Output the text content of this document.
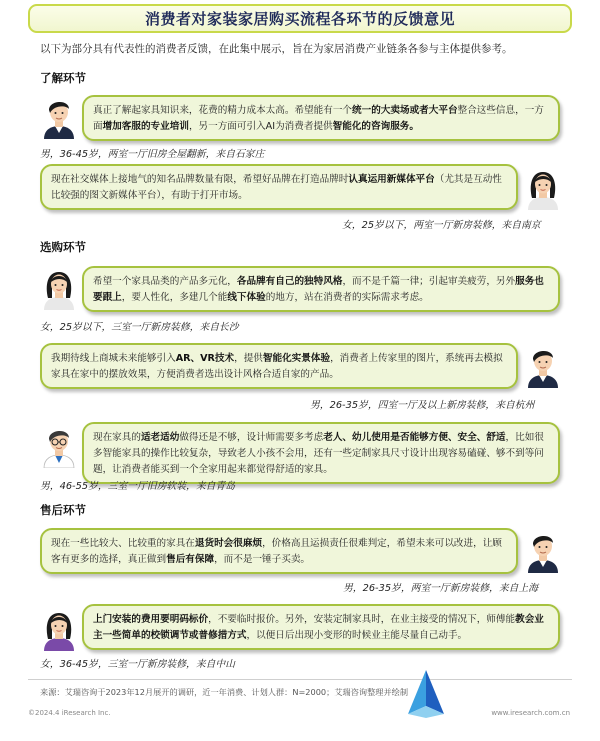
消费者对家装家居购买流程各环节的反馈意见
以下为部分具有代表性的消费者反馈，在此集中展示，旨在为家居消费产业链条各参与主体提供参考。
了解环节
真正了解起家具知识来，花费的精力成本太高。希望能有一个统一的大卖场或者大平台整合这些信息，一方面增加客服的专业培训，另一方面可引入AI为消费者提供智能化的咨询服务。
男，36-45岁，两室一厅旧房全屋翻新，来自石家庄
现在社交媒体上接地气的知名品牌数量有限，希望好品牌在打造品牌时认真运用新媒体平台（尤其是互动性比较强的图文新媒体平台），有助于打开市场。
女，25岁以下，两室一厅新房装修，来自南京
选购环节
希望一个家具品类的产品多元化，各品牌有自己的独特风格，而不是千篇一律；引起审美疲劳，另外服务也要跟上，要人性化，多建几个能线下体验的地方，站在消费者的实际需求考虑。
女，25岁以下，三室一厅新房装修，来自长沙
我期待线上商城未来能够引入AR、VR技术，提供智能化实景体验，消费者上传家里的图片，系统再去模拟家具在家中的摆放效果，方便消费者选出设计风格合适自家的产品。
男，26-35岁，四室一厅及以上新房装修，来自杭州
现在家具的适老适幼做得还是不够，设计师需要多考虑老人、幼儿使用是否能够方便、安全、舒适，比如很多智能家具的操作比较复杂，导致老人小孩不会用，还有一些定制家具尺寸设计出现容易磕碰、够不到等问题，让消费者能买到一个全家用起来都觉得舒适的家具。
男，46-55岁，三室一厅旧房软装，来自青岛
售后环节
现在一些比较大、比较重的家具在退货时会很麻烦，价格高且运损责任很难判定，希望未来可以改进，让顾客有更多的选择，真正做到售后有保障，而不是一锤子买卖。
男，26-35岁，两室一厅新房装修，来自上海
上门安装的费用要明码标价，不要临时报价。另外，安装定制家具时，在业主接受的情况下，师傅能教会业主一些简单的校锁调节或普修措方式，以便日后出现小变形的时候业主能尽量自己动手。
女，36-45岁，三室一厅新房装修，来自中山
来源：艾瑞咨询于2023年12月展开的调研，近一年消费、计划人群：N=2000；艾瑞咨询整理并绘制
©2024.4 iResearch Inc.	www.iresearch.com.cn
